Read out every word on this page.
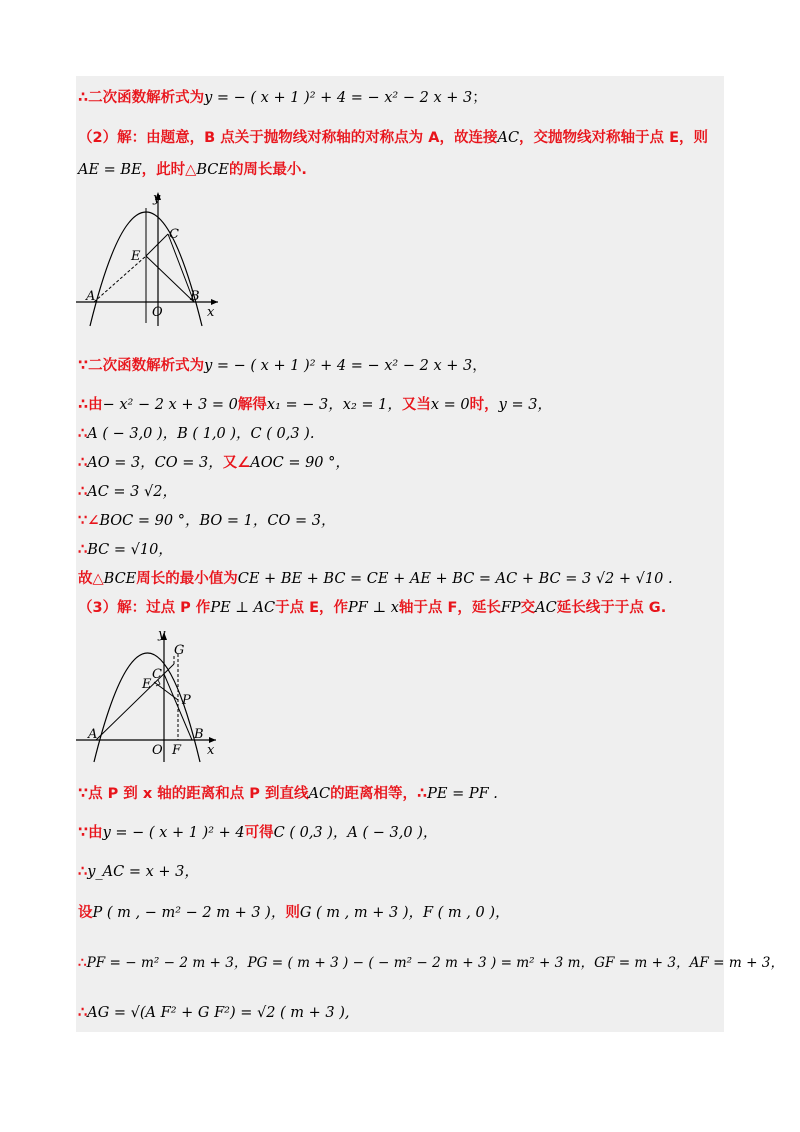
∴二次函数解析式为y = − ( x + 1 )² + 4 = − x² − 2 x + 3；
（2）解：由题意，B 点关于抛物线对称轴的对称点为 A，故连接AC，交抛物线对称轴于点 E，则
AE = BE，此时△BCE的周长最小.
y
x
E
C
A	B
O
∵二次函数解析式为y = − ( x + 1 )² + 4 = − x² − 2 x + 3，
∴由− x² − 2 x + 3 = 0解得x₁ = − 3，x₂ = 1，又当x = 0时，y = 3，
∴A ( − 3,0 )，B ( 1,0 )，C ( 0,3 ).
∴AO = 3，CO = 3，又∠AOC = 90 °，
∴AC = 3 √2，
∵∠BOC = 90 °，BO = 1，CO = 3，
∴BC = √10，
故△BCE周长的最小值为CE + BE + BC = CE + AE + BC = AC + BC = 3 √2 + √10 .
（3）解：过点 P 作PE ⊥ AC于点 E，作PF ⊥ x轴于点 F，延长FP交AC延长线于于点 G.
y
x
G
C
E
P
A	B
O F
∵点 P 到 x 轴的距离和点 P 到直线AC的距离相等，∴PE = PF .
∵由y = − ( x + 1 )² + 4可得C ( 0,3 )，A ( − 3,0 )，
∴y_AC = x + 3，
设P ( m , − m² − 2 m + 3 )，则G ( m , m + 3 )，F ( m , 0 )，
∴PF = − m² − 2 m + 3，PG = ( m + 3 ) − ( − m² − 2 m + 3 ) = m² + 3 m，GF = m + 3，AF = m + 3，
∴AG = √(A F² + G F²) = √2 ( m + 3 ),
